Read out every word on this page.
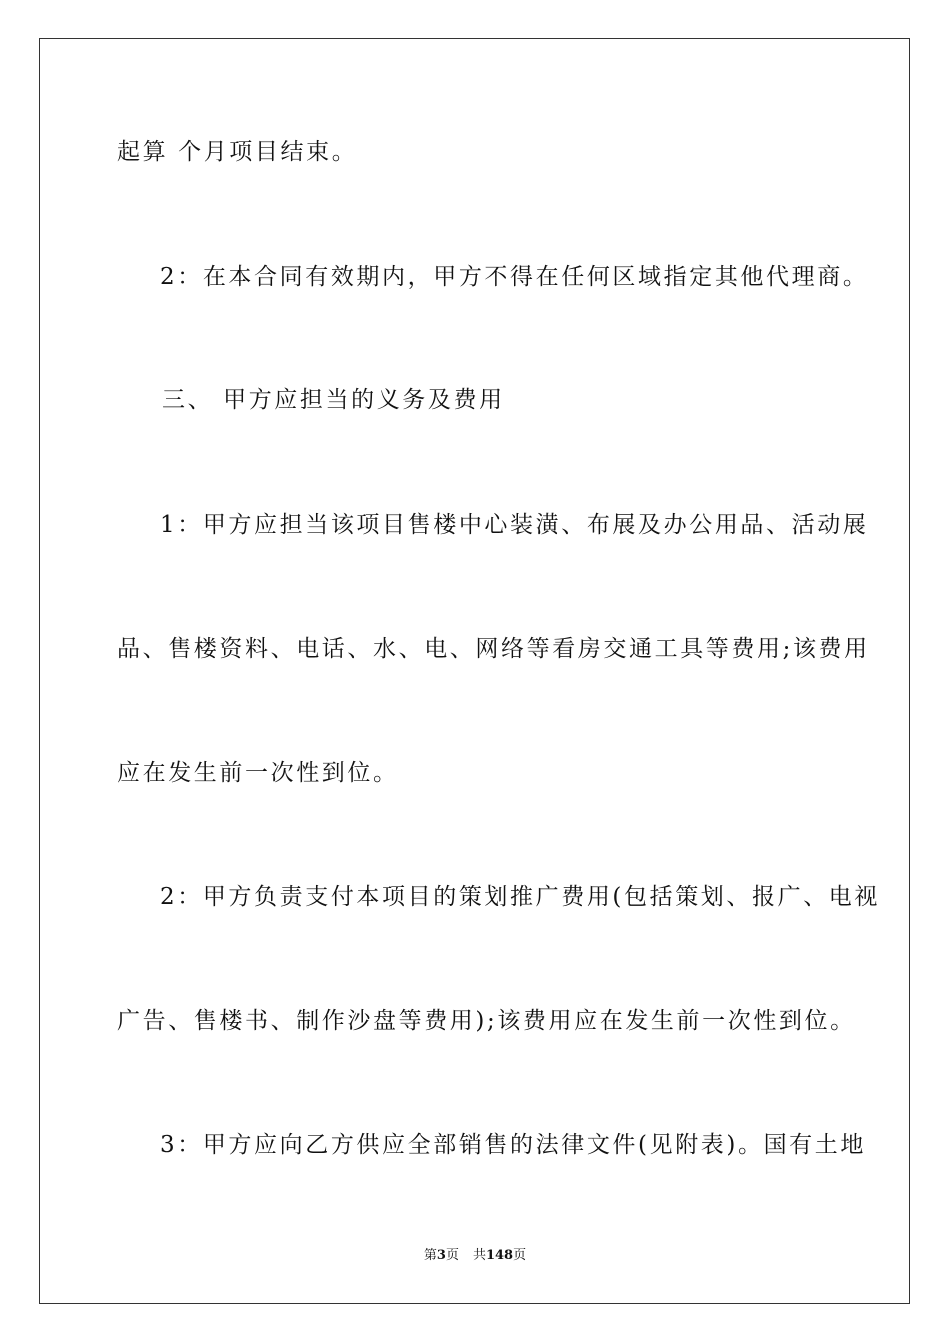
起算 个月项目结束。
2：在本合同有效期内，甲方不得在任何区域指定其他代理商。
三、 甲方应担当的义务及费用
1：甲方应担当该项目售楼中心装潢、布展及办公用品、活动展
品、售楼资料、电话、水、电、网络等看房交通工具等费用;该费用
应在发生前一次性到位。
2：甲方负责支付本项目的策划推广费用(包括策划、报广、电视
广告、售楼书、制作沙盘等费用);该费用应在发生前一次性到位。
3：甲方应向乙方供应全部销售的法律文件(见附表)。国有土地
第3页 共148页
